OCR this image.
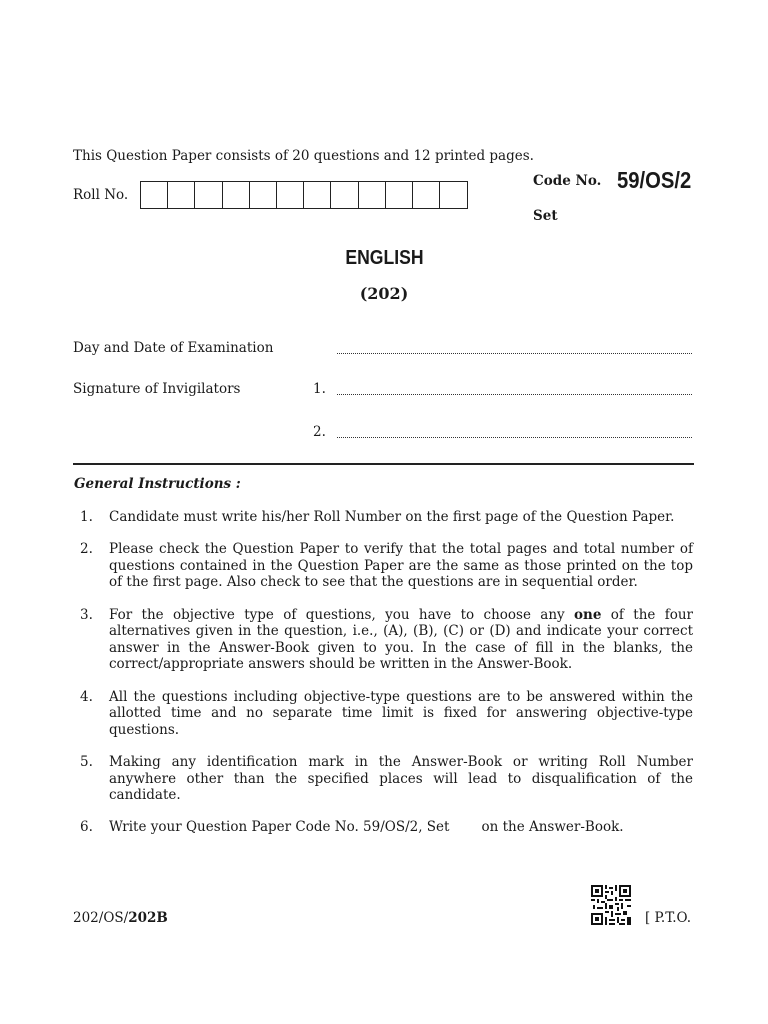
This Question Paper consists of 20 questions and 12 printed pages.
Roll No.
Code No. 59/OS/2
Set
ENGLISH
(202)
Day and Date of Examination
Signature of Invigilators	1.
2.
General Instructions :
1.	Candidate must write his/her Roll Number on the first page of the Question Paper.
2.	Please check the Question Paper to verify that the total pages and total number of questions contained in the Question Paper are the same as those printed on the top of the first page. Also check to see that the questions are in sequential order.
3.	For the objective type of questions, you have to choose any one of the four alternatives given in the question, i.e., (A), (B), (C) or (D) and indicate your correct answer in the Answer-Book given to you. In the case of fill in the blanks, the correct/appropriate answers should be written in the Answer-Book.
4.	All the questions including objective-type questions are to be answered within the allotted time and no separate time limit is fixed for answering objective-type questions.
5.	Making any identification mark in the Answer-Book or writing Roll Number anywhere other than the specified places will lead to disqualification of the candidate.
6.	Write your Question Paper Code No. 59/OS/2, Set on the Answer-Book.
202/OS/202B	[ P.T.O.
